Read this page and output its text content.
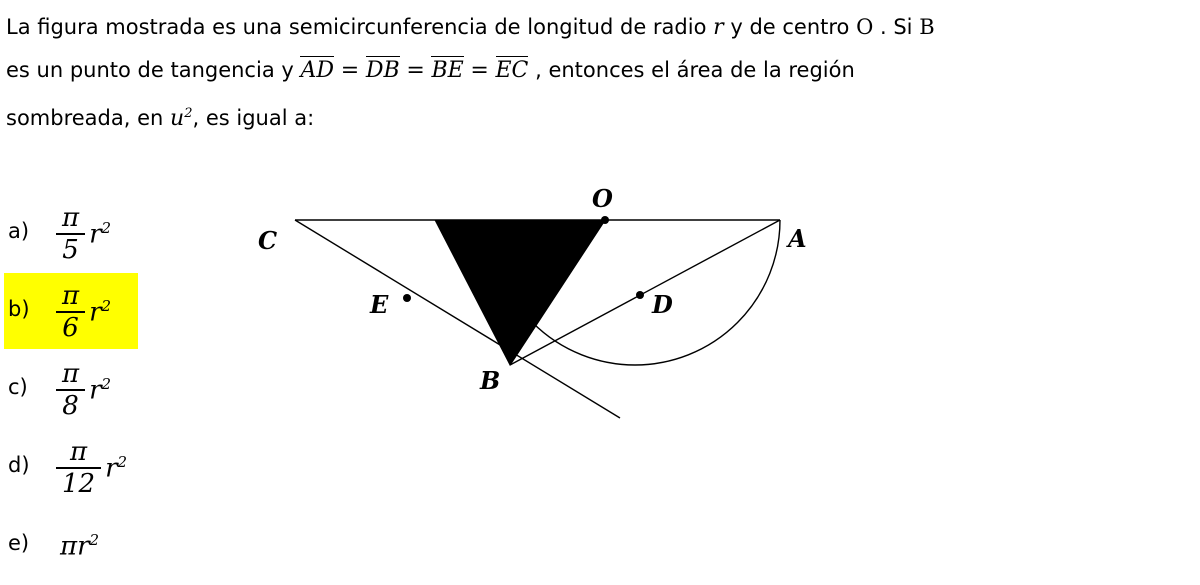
La figura mostrada es una semicircunferencia de longitud de radio r y de centro O . Si B
es un punto de tangencia y AD = DB = BE = EC , entonces el área de la región
sombreada, en $u^2$, es igual a:
$a) \frac{\pi}{5} r^2$
$b) \frac{\pi}{6} r^2$
$c) \frac{\pi}{8} r^2$
$d) \frac{\pi}{12} r^2$
e) $\pi r^2$
C
O
A
E	D
B
